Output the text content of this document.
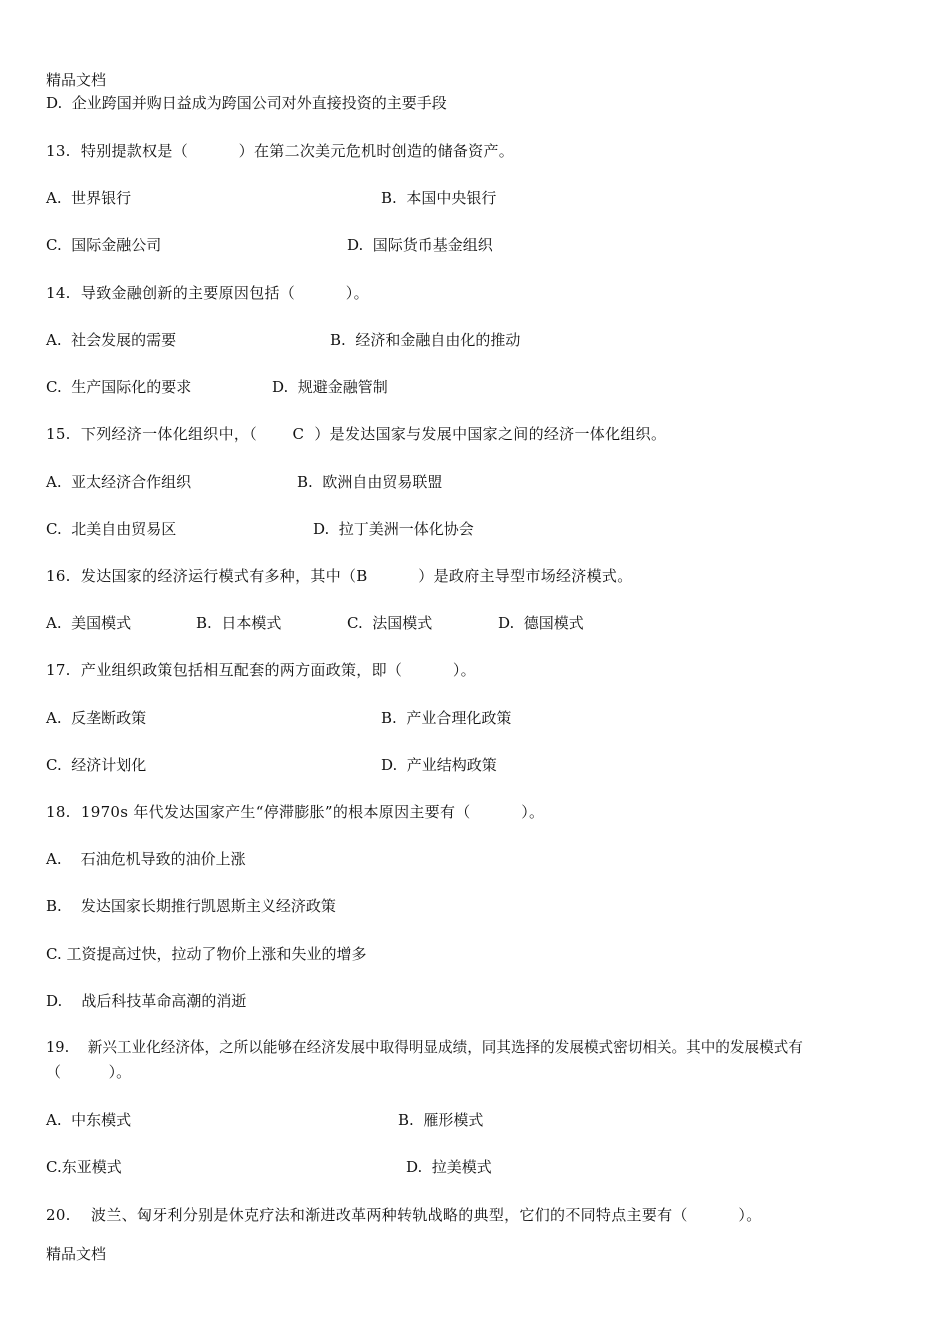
精品文档
D.  企业跨国并购日益成为跨国公司对外直接投资的主要手段
13.  特别提款权是（          ）在第二次美元危机时创造的储备资产。
A.  世界银行	B.  本国中央银行
C.  国际金融公司	D.  国际货币基金组织
14.  导致金融创新的主要原因包括（          ）。
A.  社会发展的需要	B.  经济和金融自由化的推动
C.  生产国际化的要求	D.  规避金融管制
15.  下列经济一体化组织中，（       C  ）是发达国家与发展中国家之间的经济一体化组织。
A.  亚太经济合作组织	B.  欧洲自由贸易联盟
C.  北美自由贸易区	D.  拉丁美洲一体化协会
16.  发达国家的经济运行模式有多种，其中（B          ）是政府主导型市场经济模式。
A.  美国模式	B.  日本模式	C.  法国模式	D.  德国模式
17.  产业组织政策包括相互配套的两方面政策，即（          ）。
A.  反垄断政策	B.  产业合理化政策
C.  经济计划化	D.  产业结构政策
18.  1970s 年代发达国家产生“停滞膨胀”的根本原因主要有（          ）。
A.    石油危机导致的油价上涨
B.    发达国家长期推行凯恩斯主义经济政策
C. 工资提高过快，拉动了物价上涨和失业的增多
D.    战后科技革命高潮的消逝
19.    新兴工业化经济体，之所以能够在经济发展中取得明显成绩，同其选择的发展模式密切相关。其中的发展模式有
（          ）。
A.  中东模式	B.  雁形模式
C.东亚模式	D.  拉美模式
20.    波兰、匈牙利分别是休克疗法和渐进改革两种转轨战略的典型，它们的不同特点主要有（          ）。
精品文档
